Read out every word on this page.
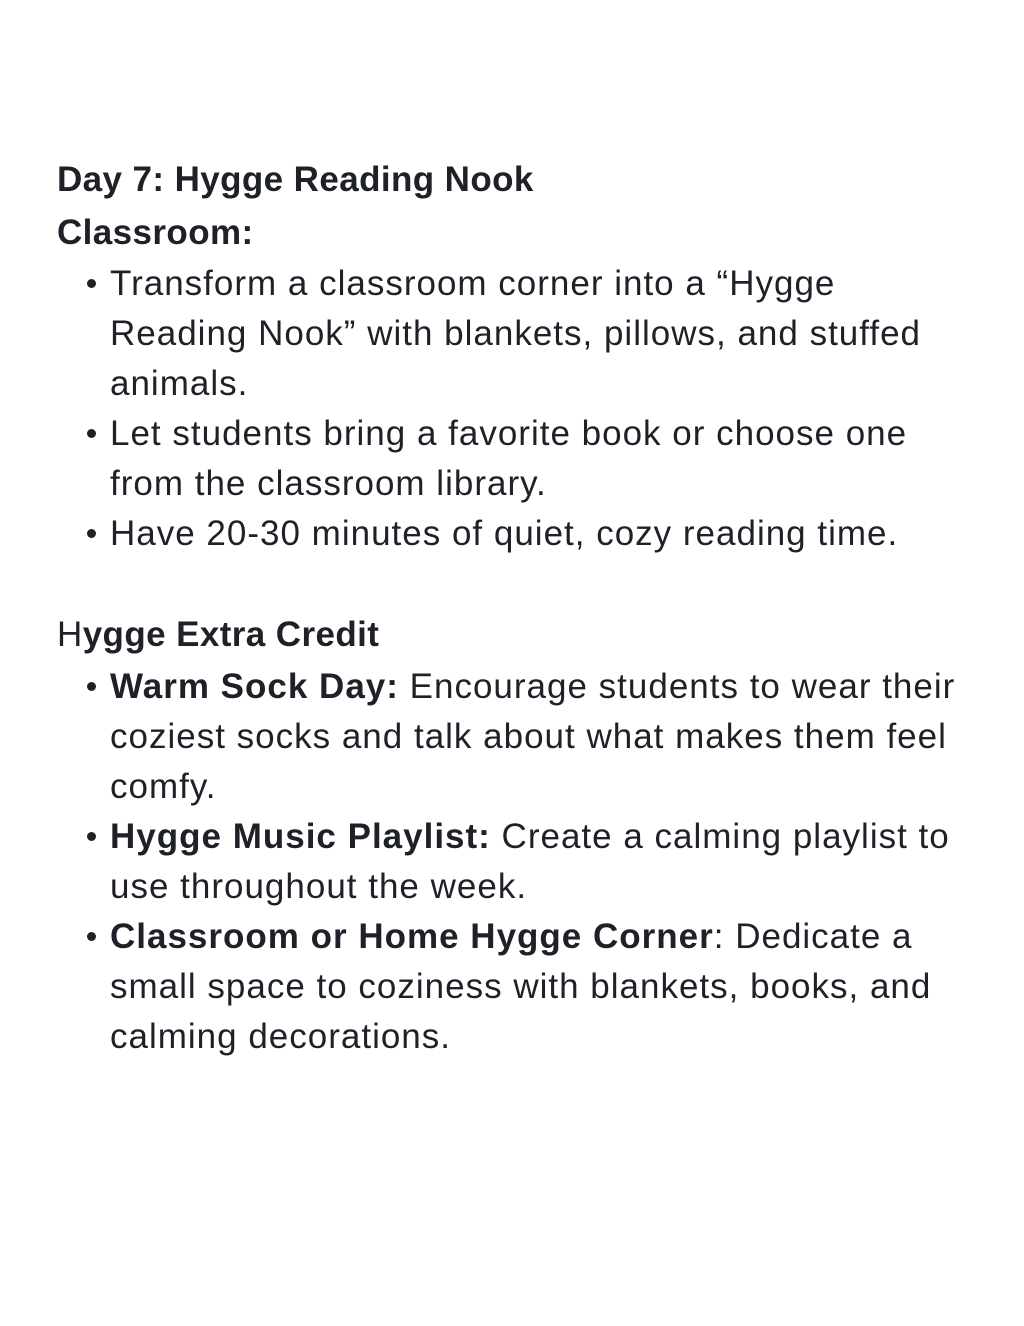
Day 7: Hygge Reading Nook
Classroom:
Transform a classroom corner into a “Hygge
Reading Nook” with blankets, pillows, and stuffed
animals.
Let students bring a favorite book or choose one
from the classroom library.
Have 20-30 minutes of quiet, cozy reading time.
Hygge Extra Credit
Warm Sock Day: Encourage students to wear their
coziest socks and talk about what makes them feel
comfy.
Hygge Music Playlist: Create a calming playlist to
use throughout the week.
Classroom or Home Hygge Corner: Dedicate a
small space to coziness with blankets, books, and
calming decorations.
